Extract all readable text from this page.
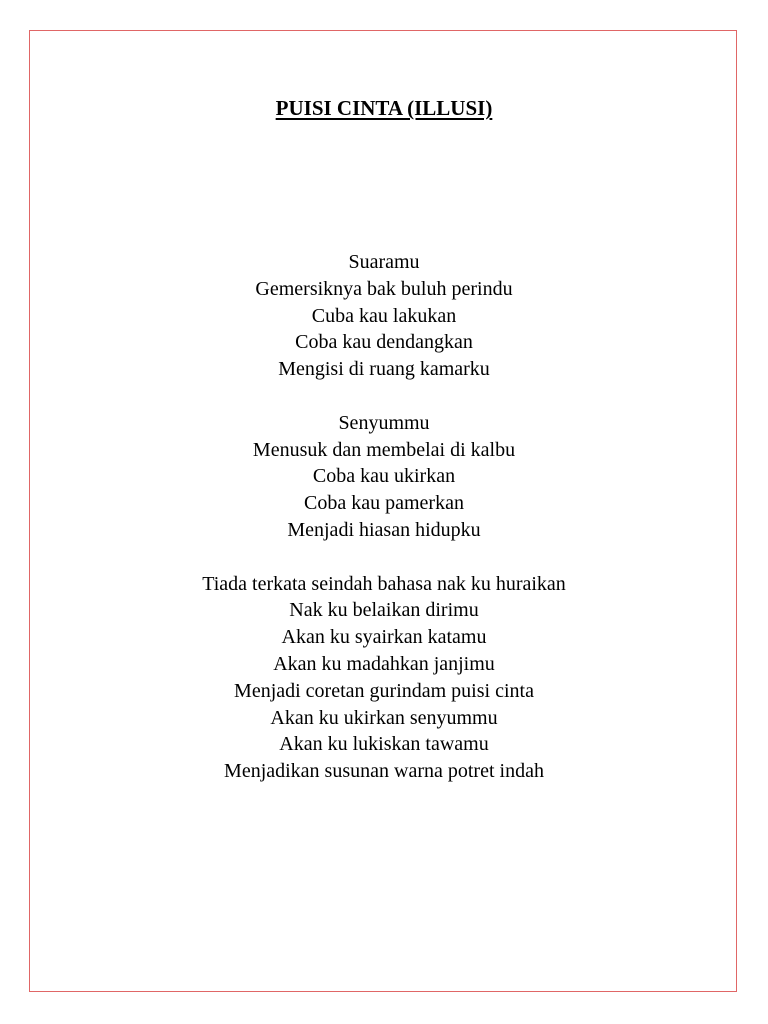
PUISI CINTA (ILLUSI)
Suaramu
Gemersiknya bak buluh perindu
Cuba kau lakukan
Coba kau dendangkan
Mengisi di ruang kamarku
Senyummu
Menusuk dan membelai di kalbu
Coba kau ukirkan
Coba kau pamerkan
Menjadi hiasan hidupku
Tiada terkata seindah bahasa nak ku huraikan
Nak ku belaikan dirimu
Akan ku syairkan katamu
Akan ku madahkan janjimu
Menjadi coretan gurindam puisi cinta
Akan ku ukirkan senyummu
Akan ku lukiskan tawamu
Menjadikan susunan warna potret indah
